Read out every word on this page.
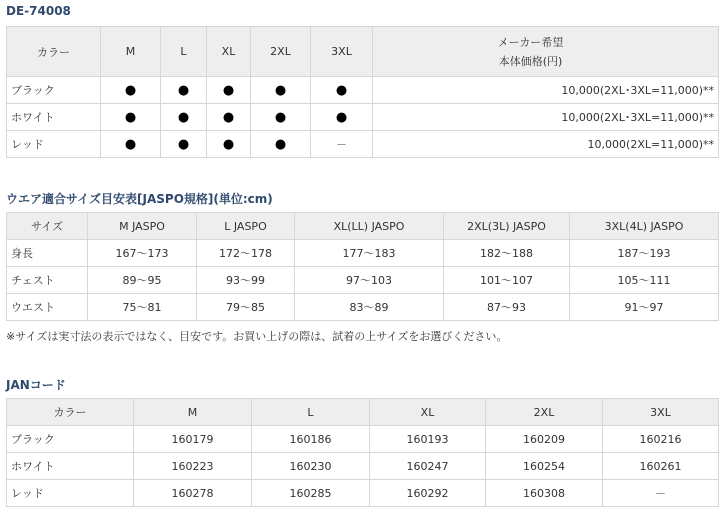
DE-74008
カラー	M	L	XL	2XL	3XL	メーカー希望
本体価格(円)

ブラック	●	●	●	●	●	10,000(2XL･3XL=11,000)**
ホワイト	●	●	●	●	●	10,000(2XL･3XL=11,000)**
レッド	●	●	●	●	－	10,000(2XL=11,000)**
ウエア適合サイズ目安表[JASPO規格](単位:cm)
サイズ	M JASPO	L JASPO	XL(LL) JASPO	2XL(3L) JASPO	3XL(4L) JASPO
身長	167～173	172～178	177～183	182～188	187～193
チェスト	89～95	93～99	97～103	101～107	105～111
ウエスト	75～81	79～85	83～89	87～93	91～97
※サイズは実寸法の表示ではなく、目安です。お買い上げの際は、試着の上サイズをお選びください。
JANコード
カラー	M	L	XL	2XL	3XL
ブラック	160179	160186	160193	160209	160216
ホワイト	160223	160230	160247	160254	160261
レッド	160278	160285	160292	160308	－
